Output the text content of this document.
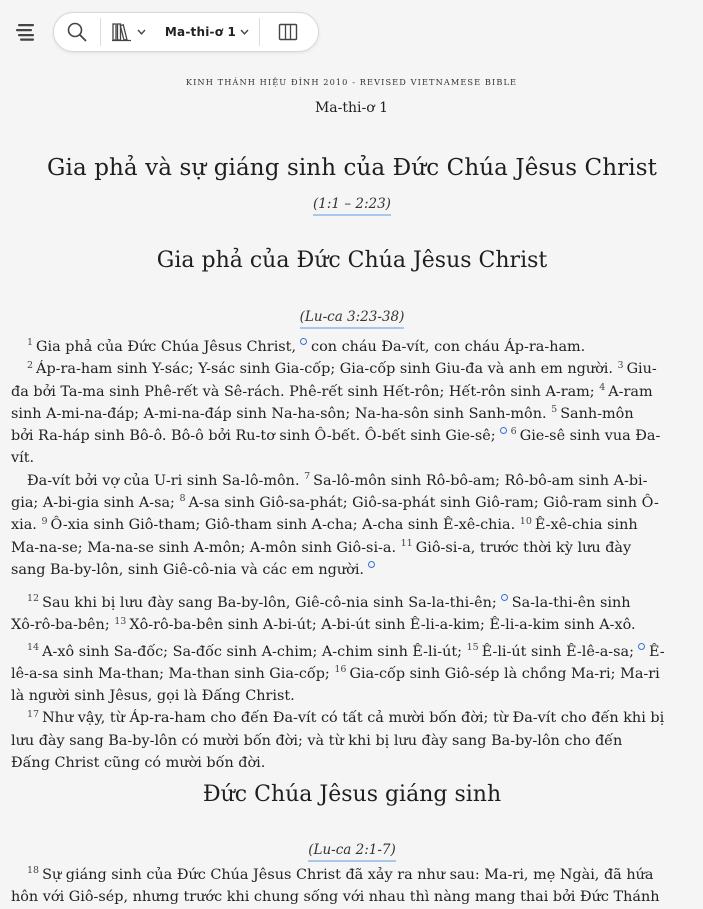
Ma-thi-ơ 1
KINH THÁNH HIỆU ĐÍNH 2010 - REVISED VIETNAMESE BIBLE
Ma-thi-ơ 1
Gia phả và sự giáng sinh của Đức Chúa Jêsus Christ
(1:1 – 2:23)
Gia phả của Đức Chúa Jêsus Christ
(Lu-ca 3:23-38)
$^1$ Gia phả của Đức Chúa Jêsus Christ, con cháu Đa-vít, con cháu Áp-ra-ham.
$^2$ Áp-ra-ham sinh Y-sác; Y-sác sinh Gia-cốp; Gia-cốp sinh Giu-đa và anh em người. $^3$ Giu-
đa bởi Ta-ma sinh Phê-rết và Sê-rách. Phê-rết sinh Hết-rôn; Hết-rôn sinh A-ram; $^4$ A-ram
sinh A-mi-na-đáp; A-mi-na-đáp sinh Na-ha-sôn; Na-ha-sôn sinh Sanh-môn. $^5$ Sanh-môn
bởi Ra-háp sinh Bô-ô. Bô-ô bởi Ru-tơ sinh Ô-bết. Ô-bết sinh Gie-sê; $^6$ Gie-sê sinh vua Đa-
vít.
Đa-vít bởi vợ của U-ri sinh Sa-lô-môn. $^7$ Sa-lô-môn sinh Rô-bô-am; Rô-bô-am sinh A-bi-
gia; A-bi-gia sinh A-sa; $^8$ A-sa sinh Giô-sa-phát; Giô-sa-phát sinh Giô-ram; Giô-ram sinh Ô-
xia. $^9$ Ô-xia sinh Giô-tham; Giô-tham sinh A-cha; A-cha sinh Ê-xê-chia. $^{10}$ Ê-xê-chia sinh
Ma-na-se; Ma-na-se sinh A-môn; A-môn sinh Giô-si-a. $^{11}$ Giô-si-a, trước thời kỳ lưu đày
sang Ba-by-lôn, sinh Giê-cô-nia và các em người.
$^{12}$ Sau khi bị lưu đày sang Ba-by-lôn, Giê-cô-nia sinh Sa-la-thi-ên; Sa-la-thi-ên sinh
Xô-rô-ba-bên; $^{13}$ Xô-rô-ba-bên sinh A-bi-út; A-bi-út sinh Ê-li-a-kim; Ê-li-a-kim sinh A-xô.
$^{14}$ A-xô sinh Sa-đốc; Sa-đốc sinh A-chim; A-chim sinh Ê-li-út; $^{15}$ Ê-li-út sinh Ê-lê-a-sa; Ê-
lê-a-sa sinh Ma-than; Ma-than sinh Gia-cốp; $^{16}$ Gia-cốp sinh Giô-sép là chồng Ma-ri; Ma-ri
là người sinh Jêsus, gọi là Đấng Christ.
$^{17}$ Như vậy, từ Áp-ra-ham cho đến Đa-vít có tất cả mười bốn đời; từ Đa-vít cho đến khi bị
lưu đày sang Ba-by-lôn có mười bốn đời; và từ khi bị lưu đày sang Ba-by-lôn cho đến
Đấng Christ cũng có mười bốn đời.
Đức Chúa Jêsus giáng sinh
(Lu-ca 2:1-7)
$^{18}$ Sự giáng sinh của Đức Chúa Jêsus Christ đã xảy ra như sau: Ma-ri, mẹ Ngài, đã hứa
hôn với Giô-sép, nhưng trước khi chung sống với nhau thì nàng mang thai bởi Đức Thánh
